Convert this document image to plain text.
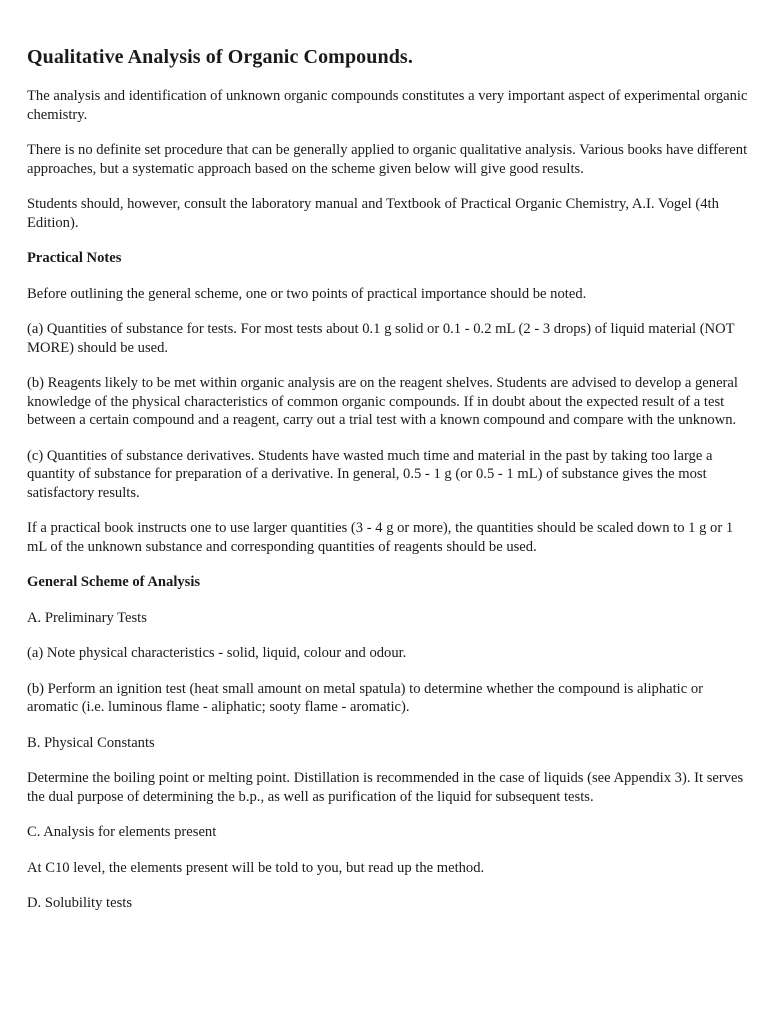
Qualitative Analysis of Organic Compounds.

The analysis and identification of unknown organic compounds constitutes a very important aspect of experimental organic chemistry.

There is no definite set procedure that can be generally applied to organic qualitative analysis. Various books have different approaches, but a systematic approach based on the scheme given below will give good results.

Students should, however, consult the laboratory manual and Textbook of Practical Organic Chemistry, A.I. Vogel (4th Edition).

Practical Notes

Before outlining the general scheme, one or two points of practical importance should be noted.

(a) Quantities of substance for tests. For most tests about 0.1 g solid or 0.1 - 0.2 mL (2 - 3 drops) of liquid material (NOT MORE) should be used.

(b) Reagents likely to be met within organic analysis are on the reagent shelves. Students are advised to develop a general knowledge of the physical characteristics of common organic compounds. If in doubt about the expected result of a test between a certain compound and a reagent, carry out a trial test with a known compound and compare with the unknown.

(c) Quantities of substance derivatives. Students have wasted much time and material in the past by taking too large a quantity of substance for preparation of a derivative. In general, 0.5 - 1 g (or 0.5 - 1 mL) of substance gives the most satisfactory results.

If a practical book instructs one to use larger quantities (3 - 4 g or more), the quantities should be scaled down to 1 g or 1 mL of the unknown substance and corresponding quantities of reagents should be used.

General Scheme of Analysis

A. Preliminary Tests

(a) Note physical characteristics - solid, liquid, colour and odour.

(b) Perform an ignition test (heat small amount on metal spatula) to determine whether the compound is aliphatic or aromatic (i.e. luminous flame - aliphatic; sooty flame - aromatic).

B. Physical Constants

Determine the boiling point or melting point. Distillation is recommended in the case of liquids (see Appendix 3). It serves the dual purpose of determining the b.p., as well as purification of the liquid for subsequent tests.

C. Analysis for elements present

At C10 level, the elements present will be told to you, but read up the method.

D. Solubility tests
